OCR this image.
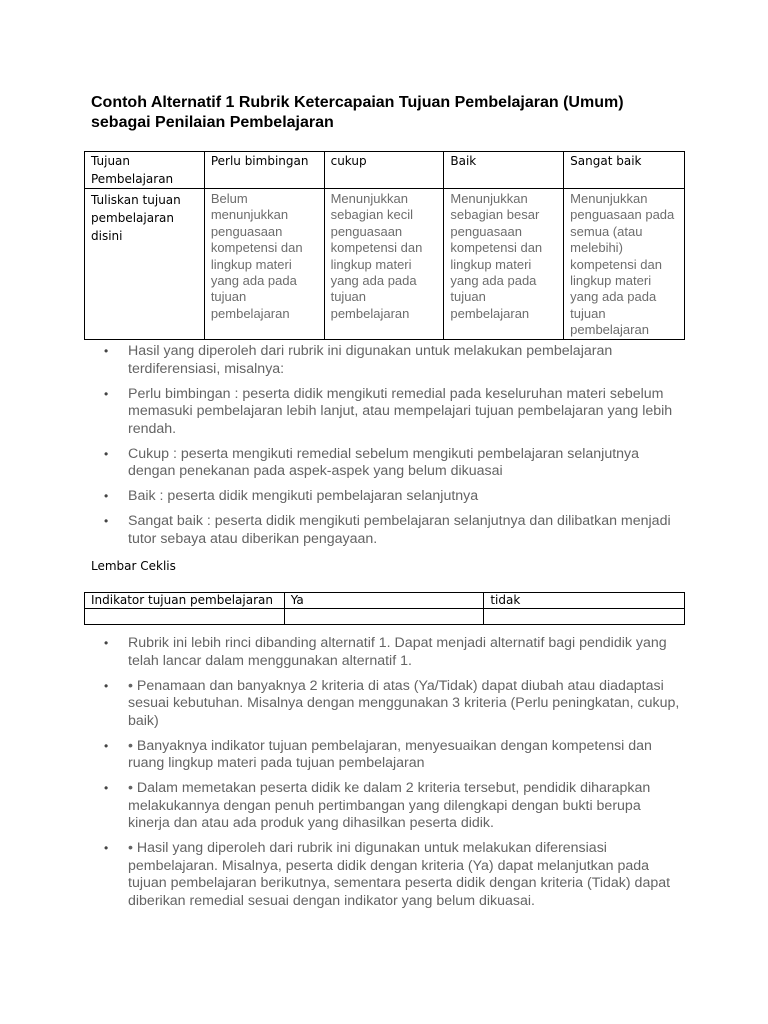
Contoh Alternatif 1 Rubrik Ketercapaian Tujuan Pembelajaran (Umum) sebagai Penilaian Pembelajaran
Tujuan Pembelajaran	Perlu bimbingan	cukup	Baik	Sangat baik
Tuliskan tujuan pembelajaran disini	Belum menunjukkan penguasaan kompetensi dan lingkup materi yang ada pada tujuan pembelajaran	Menunjukkan sebagian kecil penguasaan kompetensi dan lingkup materi yang ada pada tujuan pembelajaran	Menunjukkan sebagian besar penguasaan kompetensi dan lingkup materi yang ada pada tujuan pembelajaran	Menunjukkan penguasaan pada semua (atau melebihi) kompetensi dan lingkup materi yang ada pada tujuan pembelajaran
• Hasil yang diperoleh dari rubrik ini digunakan untuk melakukan pembelajaran terdiferensiasi, misalnya:
• Perlu bimbingan : peserta didik mengikuti remedial pada keseluruhan materi sebelum memasuki pembelajaran lebih lanjut, atau mempelajari tujuan pembelajaran yang lebih rendah.
• Cukup : peserta mengikuti remedial sebelum mengikuti pembelajaran selanjutnya dengan penekanan pada aspek-aspek yang belum dikuasai
• Baik : peserta didik mengikuti pembelajaran selanjutnya
• Sangat baik : peserta didik mengikuti pembelajaran selanjutnya dan dilibatkan menjadi tutor sebaya atau diberikan pengayaan.
Lembar Ceklis
Indikator tujuan pembelajaran	Ya	tidak

• Rubrik ini lebih rinci dibanding alternatif 1. Dapat menjadi alternatif bagi pendidik yang telah lancar dalam menggunakan alternatif 1.
• • Penamaan dan banyaknya 2 kriteria di atas (Ya/Tidak) dapat diubah atau diadaptasi sesuai kebutuhan. Misalnya dengan menggunakan 3 kriteria (Perlu peningkatan, cukup, baik)
• • Banyaknya indikator tujuan pembelajaran, menyesuaikan dengan kompetensi dan ruang lingkup materi pada tujuan pembelajaran
• • Dalam memetakan peserta didik ke dalam 2 kriteria tersebut, pendidik diharapkan melakukannya dengan penuh pertimbangan yang dilengkapi dengan bukti berupa kinerja dan atau ada produk yang dihasilkan peserta didik.
• • Hasil yang diperoleh dari rubrik ini digunakan untuk melakukan diferensiasi pembelajaran. Misalnya, peserta didik dengan kriteria (Ya) dapat melanjutkan pada tujuan pembelajaran berikutnya, sementara peserta didik dengan kriteria (Tidak) dapat diberikan remedial sesuai dengan indikator yang belum dikuasai.
